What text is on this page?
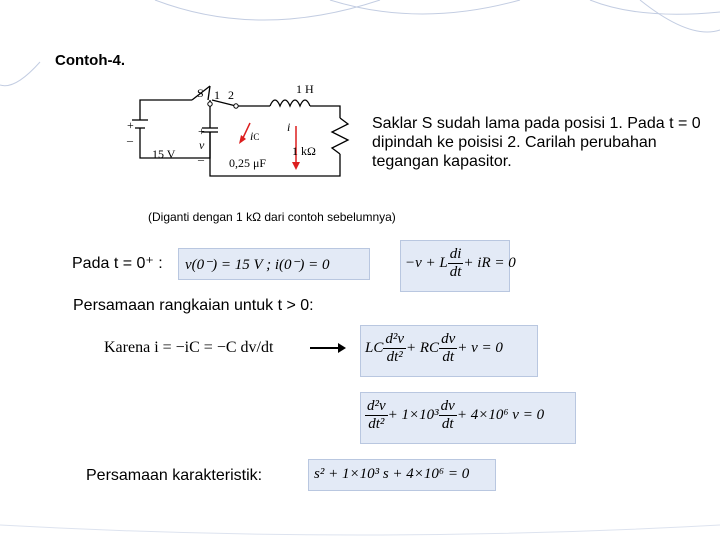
Contoh-4.
S 1 2	1 H
+
–
15 V
+
v
–
iC
0,25 μF
i
1 kΩ
Saklar S sudah lama pada posisi 1. Pada t = 0 dipindah ke poisisi 2. Carilah perubahan tegangan kapasitor.
(Diganti dengan 1 kΩ dari contoh sebelumnya)
Pada t = 0⁺ : v(0⁻) = 15 V ; i(0⁻) = 0	−v + L $\frac{di}{dt}$ + iR = 0
Persamaan rangkaian untuk t > 0:
Karena i = −iC = −C dv/dt	LC $\frac{\text{d²v}}{\text{dt²}}$ + RC $\frac{dv}{dt} + v = 0$
$\frac{\text{d²v}}{\text{dt²}} + 1\times 10^3 \frac{dv}{dt} + 4\times 10^6$ v = 0
Persamaan karakteristik:	s² + 1×10³ s + 4×10⁶ = 0
